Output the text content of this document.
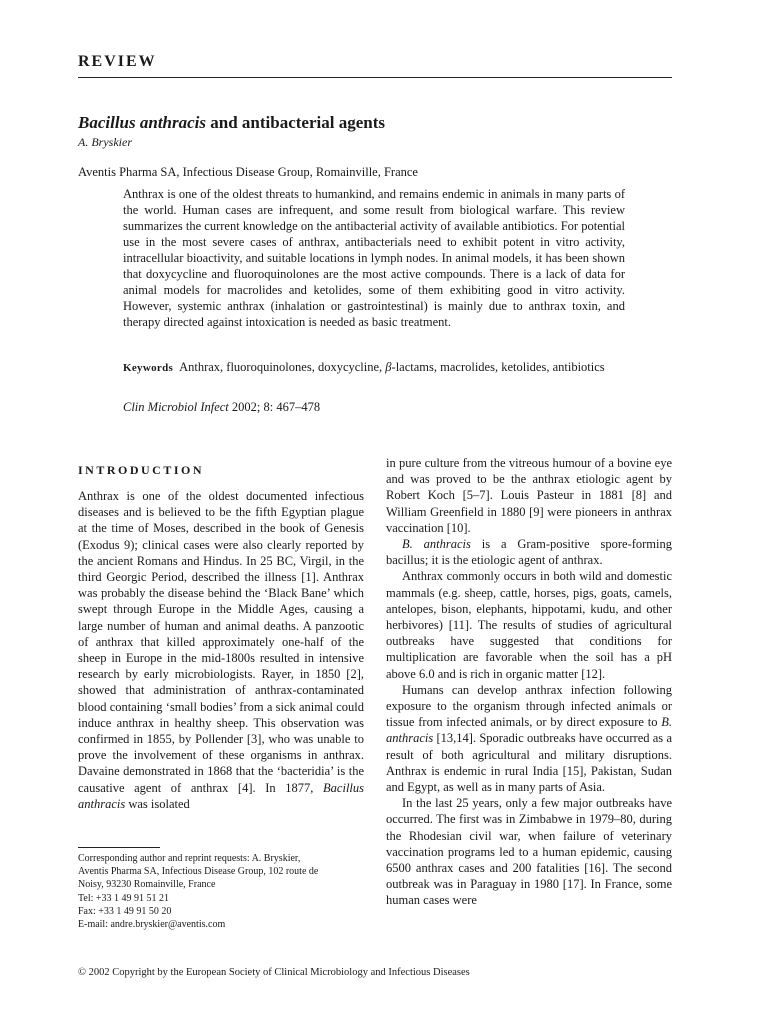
REVIEW
Bacillus anthracis and antibacterial agents
A. Bryskier
Aventis Pharma SA, Infectious Disease Group, Romainville, France
Anthrax is one of the oldest threats to humankind, and remains endemic in animals in many parts of the world. Human cases are infrequent, and some result from biological warfare. This review summarizes the current knowledge on the antibacterial activity of available antibiotics. For potential use in the most severe cases of anthrax, antibacterials need to exhibit potent in vitro activity, intracellular bioactivity, and suitable locations in lymph nodes. In animal models, it has been shown that doxycycline and fluoroquinolones are the most active compounds. There is a lack of data for animal models for macrolides and ketolides, some of them exhibiting good in vitro activity. However, systemic anthrax (inhalation or gastrointestinal) is mainly due to anthrax toxin, and therapy directed against intoxication is needed as basic treatment.
Keywords Anthrax, fluoroquinolones, doxycycline, β-lactams, macrolides, ketolides, antibiotics
Clin Microbiol Infect 2002; 8: 467–478
INTRODUCTION

Anthrax is one of the oldest documented infectious diseases and is believed to be the fifth Egyptian plague at the time of Moses, described in the book of Genesis (Exodus 9); clinical cases were also clearly reported by the ancient Romans and Hindus. In 25 BC, Virgil, in the third Georgic Period, described the illness [1]. Anthrax was probably the disease behind the ‘Black Bane’ which swept through Europe in the Middle Ages, causing a large number of human and animal deaths. A panzootic of anthrax that killed approximately one-half of the sheep in Europe in the mid-1800s resulted in intensive research by early microbiologists. Rayer, in 1850 [2], showed that administration of anthrax-contaminated blood containing ‘small bodies’ from a sick animal could induce anthrax in healthy sheep. This observation was confirmed in 1855, by Pollender [3], who was unable to prove the involvement of these organisms in anthrax. Davaine demonstrated in 1868 that the ‘bacteridia’ is the causative agent of anthrax [4]. In 1877, Bacillus anthracis was isolated

in pure culture from the vitreous humour of a bovine eye and was proved to be the anthrax etiologic agent by Robert Koch [5–7]. Louis Pasteur in 1881 [8] and William Greenfield in 1880 [9] were pioneers in anthrax vaccination [10].

B. anthracis is a Gram-positive spore-forming bacillus; it is the etiologic agent of anthrax.

Anthrax commonly occurs in both wild and domestic mammals (e.g. sheep, cattle, horses, pigs, goats, camels, antelopes, bison, elephants, hippotami, kudu, and other herbivores) [11]. The results of studies of agricultural outbreaks have suggested that conditions for multiplication are favorable when the soil has a pH above 6.0 and is rich in organic matter [12].

Humans can develop anthrax infection following exposure to the organism through infected animals or tissue from infected animals, or by direct exposure to B. anthracis [13,14]. Sporadic outbreaks have occurred as a result of both agricultural and military disruptions. Anthrax is endemic in rural India [15], Pakistan, Sudan and Egypt, as well as in many parts of Asia.

In the last 25 years, only a few major outbreaks have occurred. The first was in Zimbabwe in 1979–80, during the Rhodesian civil war, when failure of veterinary vaccination programs led to a human epidemic, causing 6500 anthrax cases and 200 fatalities [16]. The second outbreak was in Paraguay in 1980 [17]. In France, some human cases were

Corresponding author and reprint requests: A. Bryskier,
Aventis Pharma SA, Infectious Disease Group, 102 route de
Noisy, 93230 Romainville, France
Tel: +33 1 49 91 51 21
Fax: +33 1 49 91 50 20
E-mail: andre.bryskier@aventis.com
© 2002 Copyright by the European Society of Clinical Microbiology and Infectious Diseases
